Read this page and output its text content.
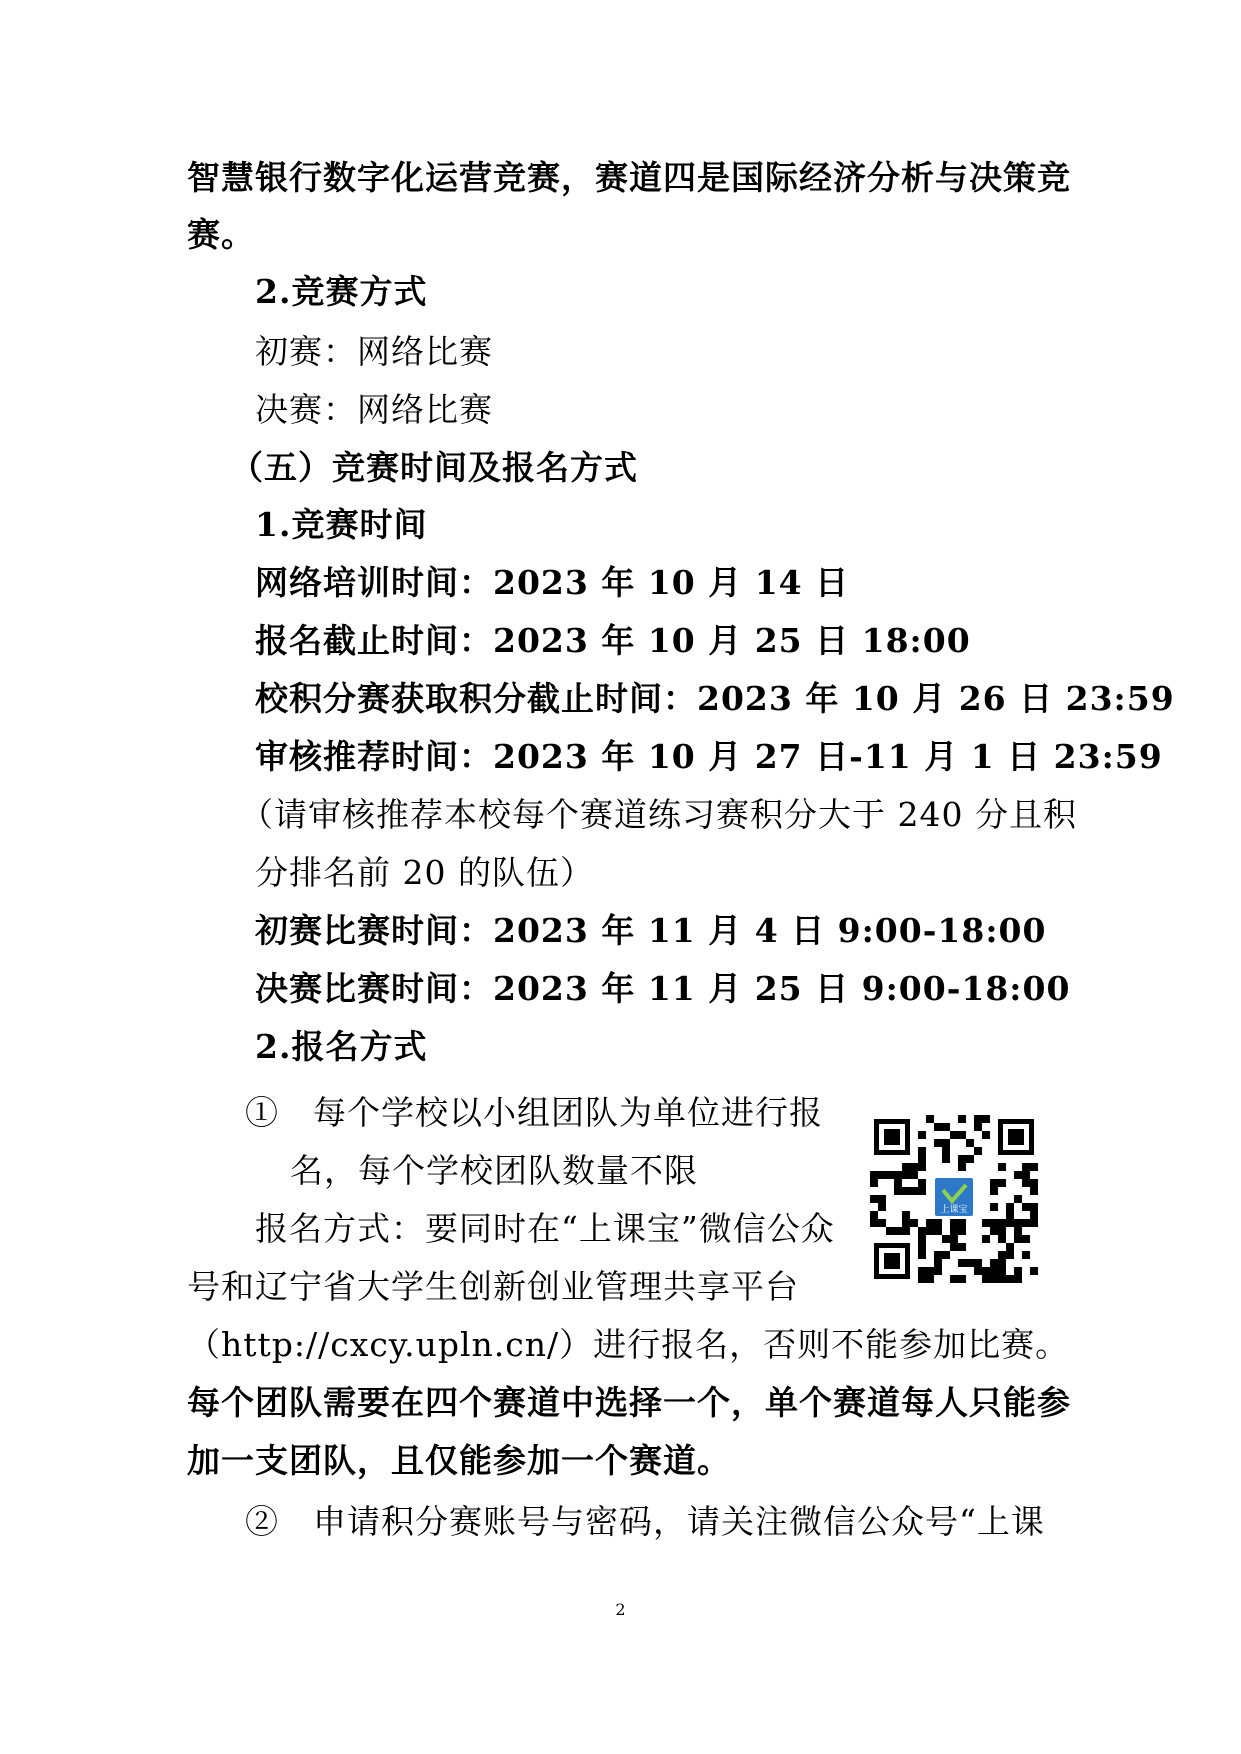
智慧银行数字化运营竞赛，赛道四是国际经济分析与决策竞
赛。
2.竞赛方式
初赛：网络比赛
决赛：网络比赛
（五）竞赛时间及报名方式
1.竞赛时间
网络培训时间：2023 年 10 月 14 日
报名截止时间：2023 年 10 月 25 日 18:00
校积分赛获取积分截止时间：2023 年 10 月 26 日 23:59
审核推荐时间：2023 年 10 月 27 日-11 月 1 日 23:59
（请审核推荐本校每个赛道练习赛积分大于 240 分且积
分排名前 20 的队伍）
初赛比赛时间：2023 年 11 月 4 日 9:00-18:00
决赛比赛时间：2023 年 11 月 25 日 9:00-18:00
2.报名方式
①　每个学校以小组团队为单位进行报
名，每个学校团队数量不限
报名方式：要同时在“上课宝”微信公众
号和辽宁省大学生创新创业管理共享平台
（http://cxcy.upln.cn/）进行报名，否则不能参加比赛。
每个团队需要在四个赛道中选择一个，单个赛道每人只能参
加一支团队，且仅能参加一个赛道。
②　申请积分赛账号与密码，请关注微信公众号“上课
上课宝
2
